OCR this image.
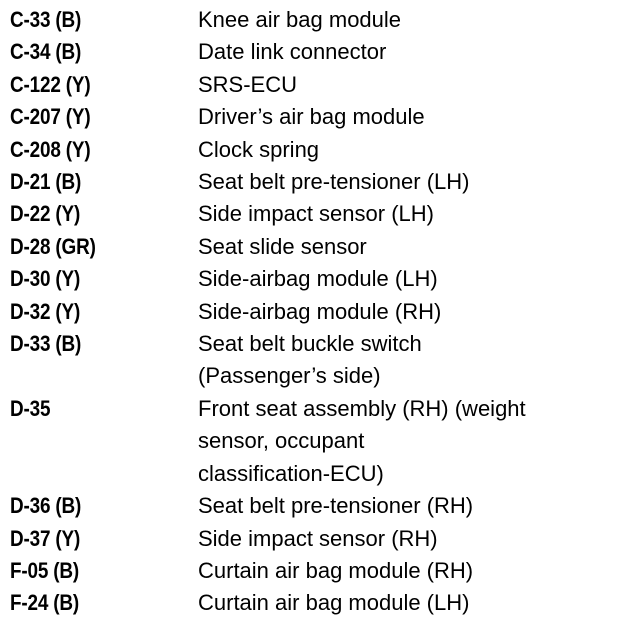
C-33 (B)	Knee air bag module
C-34 (B)	Date link connector
C-122 (Y)	SRS-ECU
C-207 (Y)	Driver’s air bag module
C-208 (Y)	Clock spring
D-21 (B)	Seat belt pre-tensioner (LH)
D-22 (Y)	Side impact sensor (LH)
D-28 (GR)	Seat slide sensor
D-30 (Y)	Side-airbag module (LH)
D-32 (Y)	Side-airbag module (RH)
D-33 (B)	Seat belt buckle switch
(Passenger’s side)
D-35	Front seat assembly (RH) (weight
sensor, occupant
classification-ECU)
D-36 (B)	Seat belt pre-tensioner (RH)
D-37 (Y)	Side impact sensor (RH)
F-05 (B)	Curtain air bag module (RH)
F-24 (B)	Curtain air bag module (LH)
